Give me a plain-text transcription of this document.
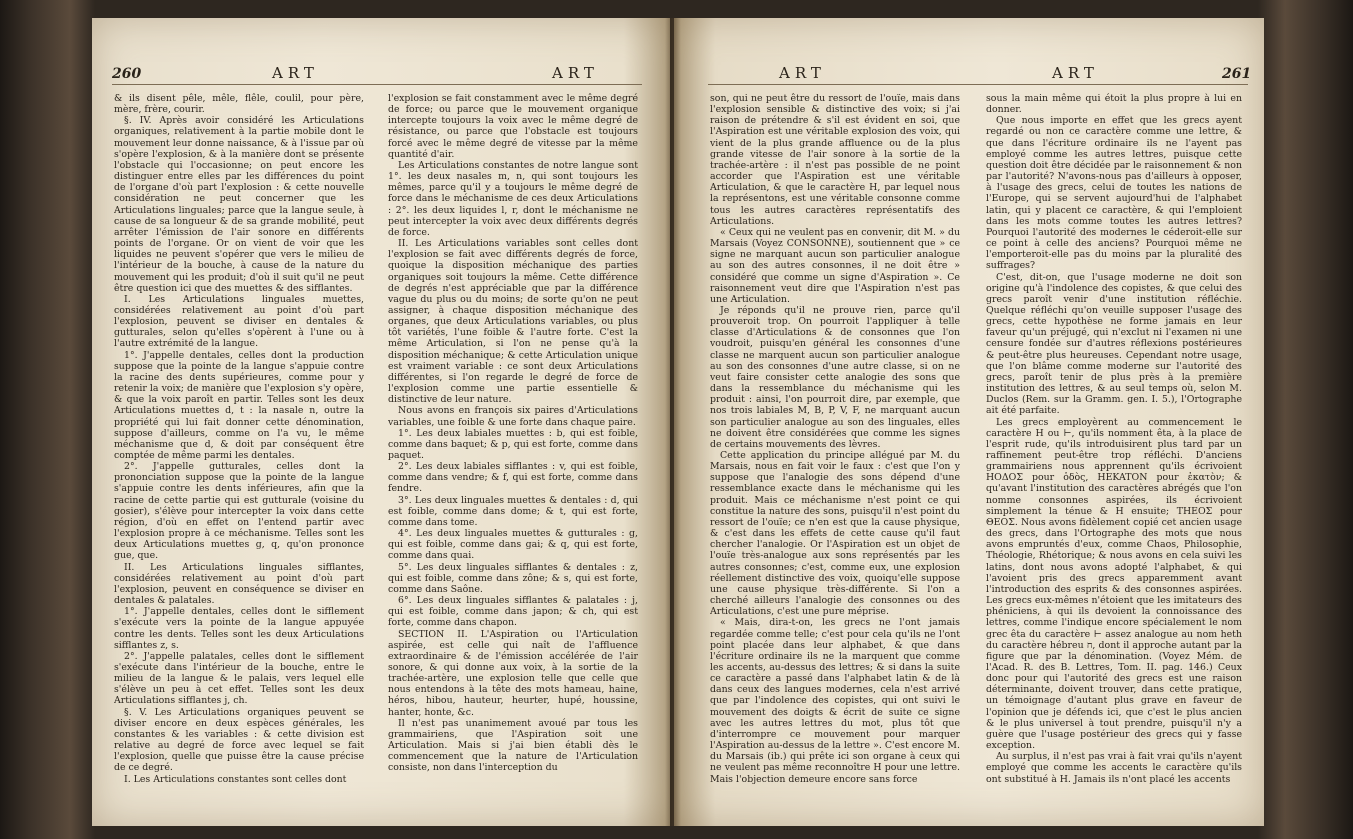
260	ART	ART

& ils disent pêle, mêle, flêle, coulil, pour père, mère, frère, courir.

§. IV. Après avoir considéré les Articulations organiques, relativement à la partie mobile dont le mouvement leur donne naissance, & à l'issue par où s'opère l'explosion, & à la manière dont se présente l'obstacle qui l'occasionne; on peut encore les distinguer entre elles par les différences du point de l'organe d'où part l'explosion : & cette nouvelle considération ne peut concerner que les Articulations linguales; parce que la langue seule, à cause de sa longueur & de sa grande mobilité, peut arrêter l'émission de l'air sonore en différents points de l'organe. Or on vient de voir que les liquides ne peuvent s'opérer que vers le milieu de l'intérieur de la bouche, à cause de la nature du mouvement qui les produit; d'où il suit qu'il ne peut être question ici que des muettes & des sifflantes.

I. Les Articulations linguales muettes, considérées relativement au point d'où part l'explosion, peuvent se diviser en dentales & gutturales, selon qu'elles s'opèrent à l'une ou à l'autre extrémité de la langue.

1°. J'appelle dentales, celles dont la production suppose que la pointe de la langue s'appuie contre la racine des dents supérieures, comme pour y retenir la voix; de manière que l'explosion s'y opère, & que la voix paroît en partir. Telles sont les deux Articulations muettes d, t : la nasale n, outre la propriété qui lui fait donner cette dénomination, suppose d'ailleurs, comme on l'a vu, le même méchanisme que d, & doit par conséquent être comptée de même parmi les dentales.

2°. J'appelle gutturales, celles dont la prononciation suppose que la pointe de la langue s'appuie contre les dents inférieures, afin que la racine de cette partie qui est gutturale (voisine du gosier), s'élève pour intercepter la voix dans cette région, d'où en effet on l'entend partir avec l'explosion propre à ce méchanisme. Telles sont les deux Articulations muettes g, q, qu'on prononce gue, que.

II. Les Articulations linguales sifflantes, considérées relativement au point d'où part l'explosion, peuvent en conséquence se diviser en dentales & palatales.

1°. J'appelle dentales, celles dont le sifflement s'exécute vers la pointe de la langue appuyée contre les dents. Telles sont les deux Articulations sifflantes z, s.

2°. J'appelle palatales, celles dont le sifflement s'exécute dans l'intérieur de la bouche, entre le milieu de la langue & le palais, vers lequel elle s'élève un peu à cet effet. Telles sont les deux Articulations sifflantes j, ch.

§. V. Les Articulations organiques peuvent se diviser encore en deux espèces générales, les constantes & les variables : & cette division est relative au degré de force avec lequel se fait l'explosion, quelle que puisse être la cause précise de ce degré.

I. Les Articulations constantes sont celles dont

l'explosion se fait constamment avec le même degré de force; ou parce que le mouvement organique intercepte toujours la voix avec le même degré de résistance, ou parce que l'obstacle est toujours forcé avec le même degré de vitesse par la même quantité d'air.

Les Articulations constantes de notre langue sont 1°. les deux nasales m, n, qui sont toujours les mêmes, parce qu'il y a toujours le même degré de force dans le méchanisme de ces deux Articulations : 2°. les deux liquides l, r, dont le méchanisme ne peut intercepter la voix avec deux différents degrés de force.

II. Les Articulations variables sont celles dont l'explosion se fait avec différents degrés de force, quoique la disposition méchanique des parties organiques soit toujours la même. Cette différence de degrés n'est appréciable que par la différence vague du plus ou du moins; de sorte qu'on ne peut assigner, à chaque disposition méchanique des organes, que deux Articulations variables, ou plus tôt variétés, l'une foible & l'autre forte. C'est la même Articulation, si l'on ne pense qu'à la disposition méchanique; & cette Articulation unique est vraiment variable : ce sont deux Articulations différentes, si l'on regarde le degré de force de l'explosion comme une partie essentielle & distinctive de leur nature.

Nous avons en françois six paires d'Articulations variables, une foible & une forte dans chaque paire.

1°. Les deux labiales muettes : b, qui est foible, comme dans baquet; & p, qui est forte, comme dans paquet.

2°. Les deux labiales sifflantes : v, qui est foible, comme dans vendre; & f, qui est forte, comme dans fendre.

3°. Les deux linguales muettes & dentales : d, qui est foible, comme dans dome; & t, qui est forte, comme dans tome.

4°. Les deux linguales muettes & gutturales : g, qui est foible, comme dans gai; & q, qui est forte, comme dans quai.

5°. Les deux linguales sifflantes & dentales : z, qui est foible, comme dans zône; & s, qui est forte, comme dans Saône.

6°. Les deux linguales sifflantes & palatales : j, qui est foible, comme dans japon; & ch, qui est forte, comme dans chapon.

SECTION II. L'Aspiration ou l'Articulation aspirée, est celle qui naît de l'affluence extraordinaire & de l'émission accélérée de l'air sonore, & qui donne aux voix, à la sortie de la trachée-artère, une explosion telle que celle que nous entendons à la tête des mots hameau, haine, héros, hibou, hauteur, heurter, hupé, houssine, hanter, honte, &c.

Il n'est pas unanimement avoué par tous les grammairiens, que l'Aspiration soit une Articulation. Mais si j'ai bien établi dès le commencement que la nature de l'Articulation consiste, non dans l'interception du

ART	ART	261

son, qui ne peut être du ressort de l'ouïe, mais dans l'explosion sensible & distinctive des voix; si j'ai raison de prétendre & s'il est évident en soi, que l'Aspiration est une véritable explosion des voix, qui vient de la plus grande affluence ou de la plus grande vitesse de l'air sonore à la sortie de la trachée-artère : il n'est pas possible de ne point accorder que l'Aspiration est une véritable Articulation, & que le caractère H, par lequel nous la représentons, est une véritable consonne comme tous les autres caractères représentatifs des Articulations.

« Ceux qui ne veulent pas en convenir, dit M. » du Marsais (Voyez CONSONNE), soutiennent que » ce signe ne marquant aucun son particulier analogue au son des autres consonnes, il ne doit être » considéré que comme un signe d'Aspiration ». Ce raisonnement veut dire que l'Aspiration n'est pas une Articulation.

Je réponds qu'il ne prouve rien, parce qu'il prouveroit trop. On pourroit l'appliquer à telle classe d'Articulations & de consonnes que l'on voudroit, puisqu'en général les consonnes d'une classe ne marquent aucun son particulier analogue au son des consonnes d'une autre classe, si on ne veut faire consister cette analogie des sons que dans la ressemblance du méchanisme qui les produit : ainsi, l'on pourroit dire, par exemple, que nos trois labiales M, B, P, V, F, ne marquant aucun son particulier analogue au son des linguales, elles ne doivent être considérées que comme les signes de certains mouvements des lèvres.

Cette application du principe allégué par M. du Marsais, nous en fait voir le faux : c'est que l'on y suppose que l'analogie des sons dépend d'une ressemblance exacte dans le méchanisme qui les produit. Mais ce méchanisme n'est point ce qui constitue la nature des sons, puisqu'il n'est point du ressort de l'ouïe; ce n'en est que la cause physique, & c'est dans les effets de cette cause qu'il faut chercher l'analogie. Or l'Aspiration est un objet de l'ouïe très-analogue aux sons représentés par les autres consonnes; c'est, comme eux, une explosion réellement distinctive des voix, quoiqu'elle suppose une cause physique très-différente. Si l'on a cherché ailleurs l'analogie des consonnes ou des Articulations, c'est une pure méprise.

« Mais, dira-t-on, les grecs ne l'ont jamais regardée comme telle; c'est pour cela qu'ils ne l'ont point placée dans leur alphabet, & que dans l'écriture ordinaire ils ne la marquent que comme les accents, au-dessus des lettres; & si dans la suite ce caractère a passé dans l'alphabet latin & de là dans ceux des langues modernes, cela n'est arrivé que par l'indolence des copistes, qui ont suivi le mouvement des doigts & écrit de suite ce signe avec les autres lettres du mot, plus tôt que d'interrompre ce mouvement pour marquer l'Aspiration au-dessus de la lettre ». C'est encore M. du Marsais (ib.) qui prête ici son organe à ceux qui ne veulent pas même reconnoître H pour une lettre. Mais l'objection demeure encore sans force

sous la main même qui étoit la plus propre à lui en donner.

Que nous importe en effet que les grecs ayent regardé ou non ce caractère comme une lettre, & que dans l'écriture ordinaire ils ne l'ayent pas employé comme les autres lettres, puisque cette question doit être décidée par le raisonnement & non par l'autorité? N'avons-nous pas d'ailleurs à opposer, à l'usage des grecs, celui de toutes les nations de l'Europe, qui se servent aujourd'hui de l'alphabet latin, qui y placent ce caractère, & qui l'emploient dans les mots comme toutes les autres lettres? Pourquoi l'autorité des modernes le céderoit-elle sur ce point à celle des anciens? Pourquoi même ne l'emporteroit-elle pas du moins par la pluralité des suffrages?

C'est, dit-on, que l'usage moderne ne doit son origine qu'à l'indolence des copistes, & que celui des grecs paroît venir d'une institution réfléchie. Quelque réfléchi qu'on veuille supposer l'usage des grecs, cette hypothèse ne forme jamais en leur faveur qu'un préjugé, qui n'exclut ni l'examen ni une censure fondée sur d'autres réflexions postérieures & peut-être plus heureuses. Cependant notre usage, que l'on blâme comme moderne sur l'autorité des grecs, paroît tenir de plus près à la première institution des lettres, & au seul temps où, selon M. Duclos (Rem. sur la Gramm. gen. I. 5.), l'Ortographe ait été parfaite.

Les grecs employèrent au commencement le caractère H ou ⊢, qu'ils nomment êta, à la place de l'esprit rude, qu'ils introduisirent plus tard par un raffinement peut-être trop réfléchi. D'anciens grammairiens nous apprennent qu'ils écrivoient HΟΔΟΣ pour ὁδὸς, HEKATON pour ἑκατὸν; & qu'avant l'institution des caractères abrégés que l'on nomme consonnes aspirées, ils écrivoient simplement la ténue & H ensuite; THEOΣ pour ΘΕΟΣ. Nous avons fidèlement copié cet ancien usage des grecs, dans l'Ortographe des mots que nous avons empruntés d'eux, comme Chaos, Philosophie, Théologie, Rhétorique; & nous avons en cela suivi les latins, dont nous avons adopté l'alphabet, & qui l'avoient pris des grecs apparemment avant l'introduction des esprits & des consonnes aspirées. Les grecs eux-mêmes n'étoient que les imitateurs des phéniciens, à qui ils devoient la connoissance des lettres, comme l'indique encore spécialement le nom grec êta du caractère ⊢ assez analogue au nom heth du caractère hébreu ח, dont il approche autant par la figure que par la dénomination. (Voyez Mém. de l'Acad. R. des B. Lettres, Tom. II. pag. 146.) Ceux donc pour qui l'autorité des grecs est une raison déterminante, doivent trouver, dans cette pratique, un témoignage d'autant plus grave en faveur de l'opinion que je défends ici, que c'est le plus ancien & le plus universel à tout prendre, puisqu'il n'y a guère que l'usage postérieur des grecs qui y fasse exception.

Au surplus, il n'est pas vrai à fait vrai qu'ils n'ayent employé que comme les accents le caractère qu'ils ont substitué à H. Jamais ils n'ont placé les accents
